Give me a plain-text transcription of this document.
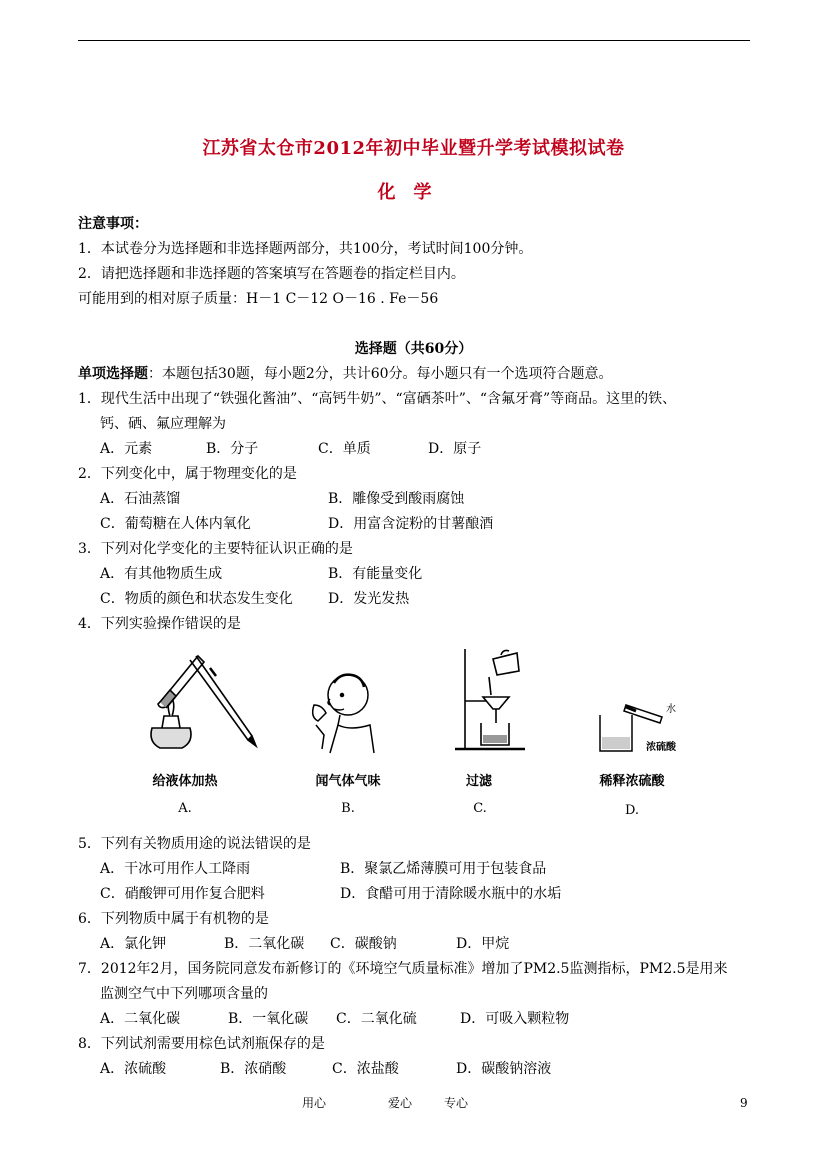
江苏省太仓市2012年初中毕业暨升学考试模拟试卷
化学
注意事项：
1．本试卷分为选择题和非选择题两部分，共100分，考试时间100分钟。
2．请把选择题和非选择题的答案填写在答题卷的指定栏目内。
可能用到的相对原子质量：H－1 C－12 O－16 . Fe－56
选择题（共60分）
单项选择题：本题包括30题，每小题2分，共计60分。每小题只有一个选项符合题意。
1．现代生活中出现了“铁强化酱油”、“高钙牛奶”、“富硒茶叶”、“含氟牙膏”等商品。这里的铁、
钙、硒、氟应理解为
A．元素	B．分子	C．单质	D．原子
2．下列变化中，属于物理变化的是
A．石油蒸馏	B．雕像受到酸雨腐蚀
C．葡萄糖在人体内氧化	D．用富含淀粉的甘薯酿酒
3．下列对化学变化的主要特征认识正确的是
A．有其他物质生成	B．有能量变化
C．物质的颜色和状态发生变化	D．发光发热
4．下列实验操作错误的是
给液体加热
A.
闻气体气味
B.
过滤
C.
水
浓硫酸
稀释浓硫酸
D.
5．下列有关物质用途的说法错误的是
A．干冰可用作人工降雨	B．聚氯乙烯薄膜可用于包装食品
C．硝酸钾可用作复合肥料	D．食醋可用于清除暖水瓶中的水垢
6．下列物质中属于有机物的是
A．氯化钾	B．二氧化碳 C．碳酸钠	D．甲烷
7．2012年2月，国务院同意发布新修订的《环境空气质量标准》增加了PM2.5监测指标，PM2.5是用来
监测空气中下列哪项含量的
A．二氧化碳	B．一氧化碳 C．二氧化硫	D．可吸入颗粒物
8．下列试剂需要用棕色试剂瓶保存的是
A．浓硫酸	B．浓硝酸	C．浓盐酸	D．碳酸钠溶液
用心	爱心	专心	9
